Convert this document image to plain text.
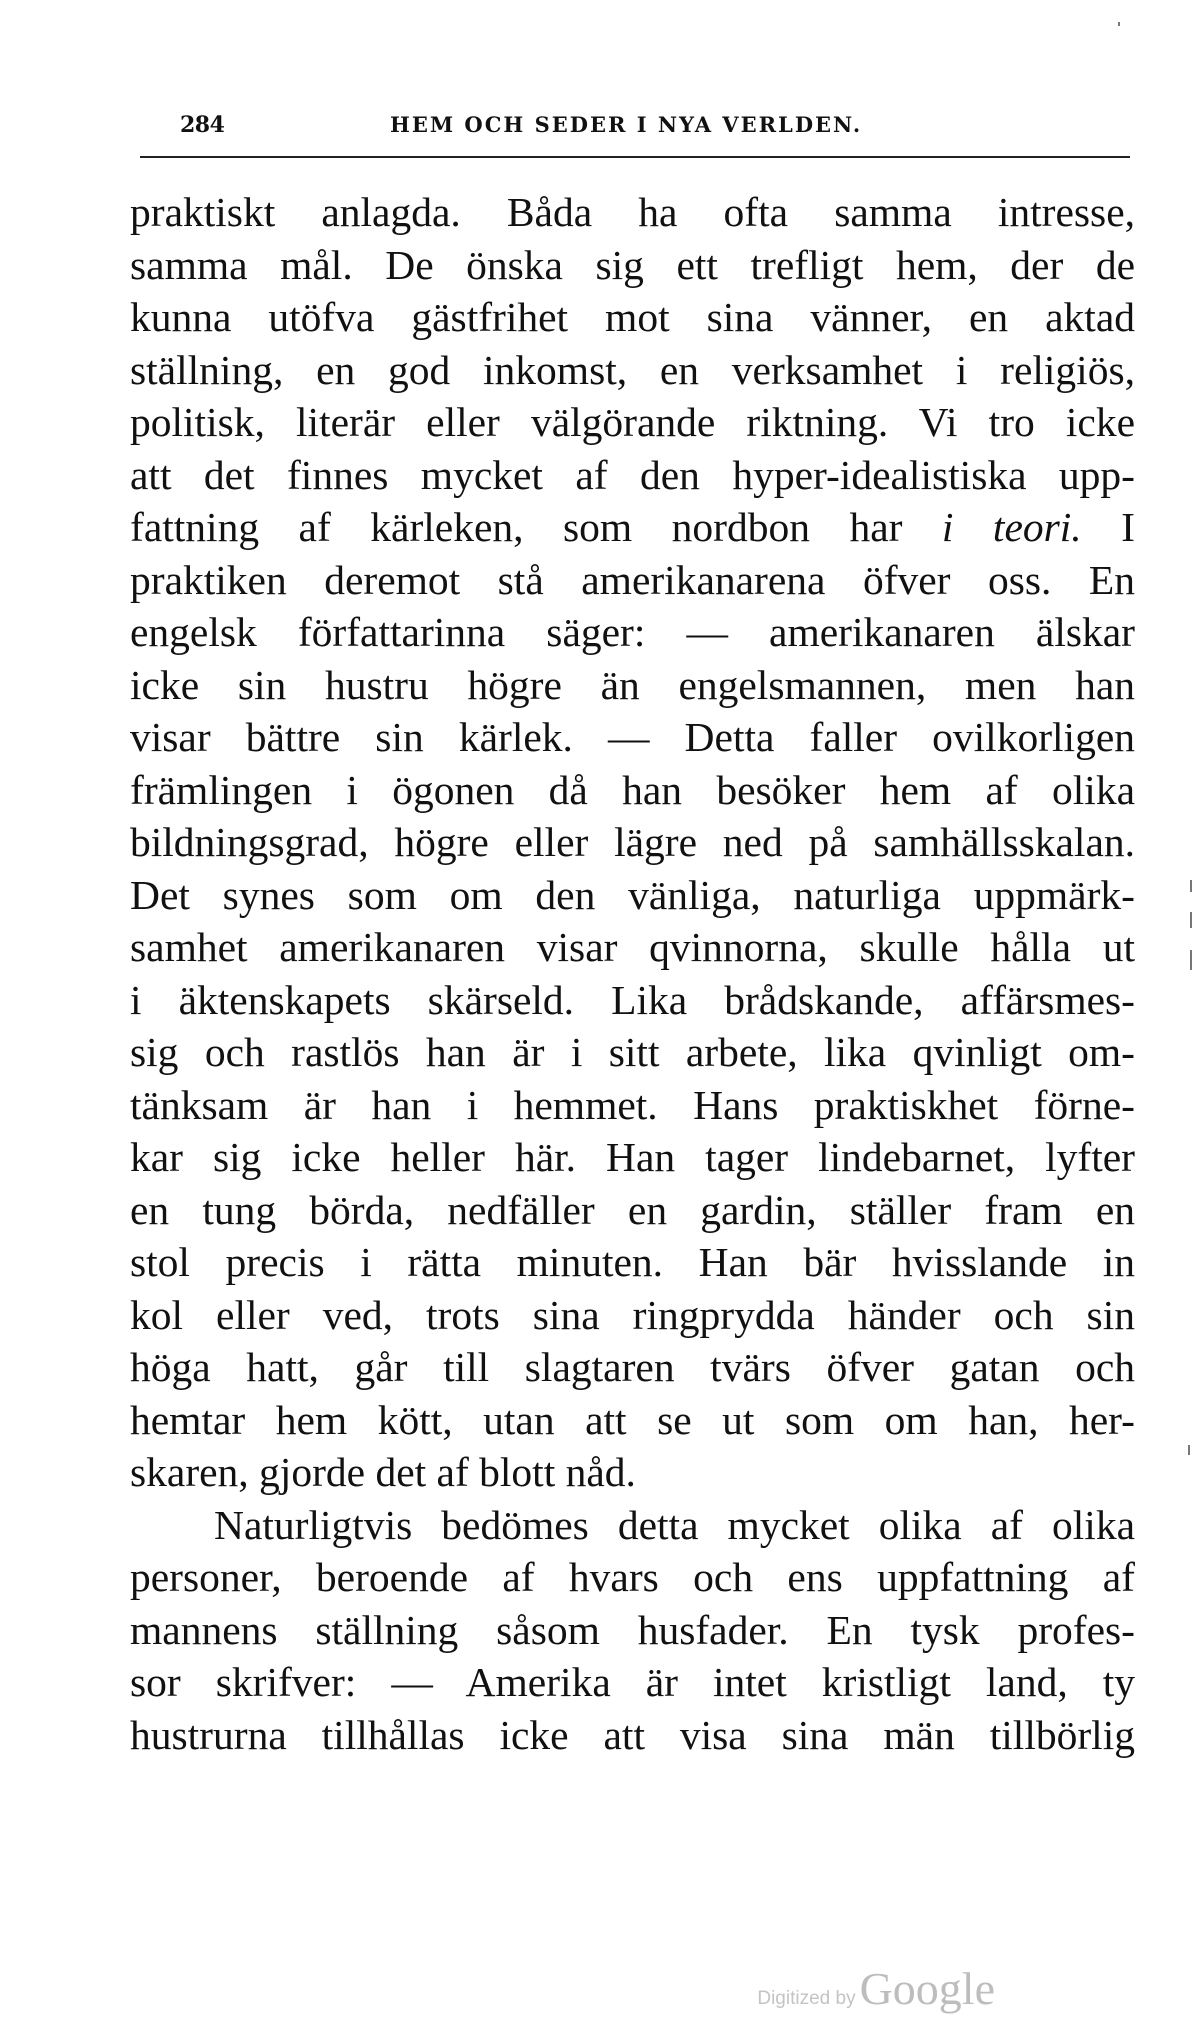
284	HEM OCH SEDER I NYA VERLDEN.
praktiskt anlagda. Båda ha ofta samma intresse,
samma mål. De önska sig ett trefligt hem, der de
kunna utöfva gästfrihet mot sina vänner, en aktad
ställning, en god inkomst, en verksamhet i religiös,
politisk, literär eller välgörande riktning. Vi tro icke
att det finnes mycket af den hyper-idealistiska upp-
fattning af kärleken, som nordbon har i teori. I
praktiken deremot stå amerikanarena öfver oss. En
engelsk författarinna säger: — amerikanaren älskar
icke sin hustru högre än engelsmannen, men han
visar bättre sin kärlek. — Detta faller ovilkorligen
främlingen i ögonen då han besöker hem af olika
bildningsgrad, högre eller lägre ned på samhällsskalan.
Det synes som om den vänliga, naturliga uppmärk-
samhet amerikanaren visar qvinnorna, skulle hålla ut
i äktenskapets skärseld. Lika brådskande, affärsmes-
sig och rastlös han är i sitt arbete, lika qvinligt om-
tänksam är han i hemmet. Hans praktiskhet förne-
kar sig icke heller här. Han tager lindebarnet, lyfter
en tung börda, nedfäller en gardin, ställer fram en
stol precis i rätta minuten. Han bär hvisslande in
kol eller ved, trots sina ringprydda händer och sin
höga hatt, går till slagtaren tvärs öfver gatan och
hemtar hem kött, utan att se ut som om han, her-
skaren, gjorde det af blott nåd.
Naturligtvis bedömes detta mycket olika af olika
personer, beroende af hvars och ens uppfattning af
mannens ställning såsom husfader. En tysk profes-
sor skrifver: — Amerika är intet kristligt land, ty
hustrurna tillhållas icke att visa sina män tillbörlig
Digitized by Google
